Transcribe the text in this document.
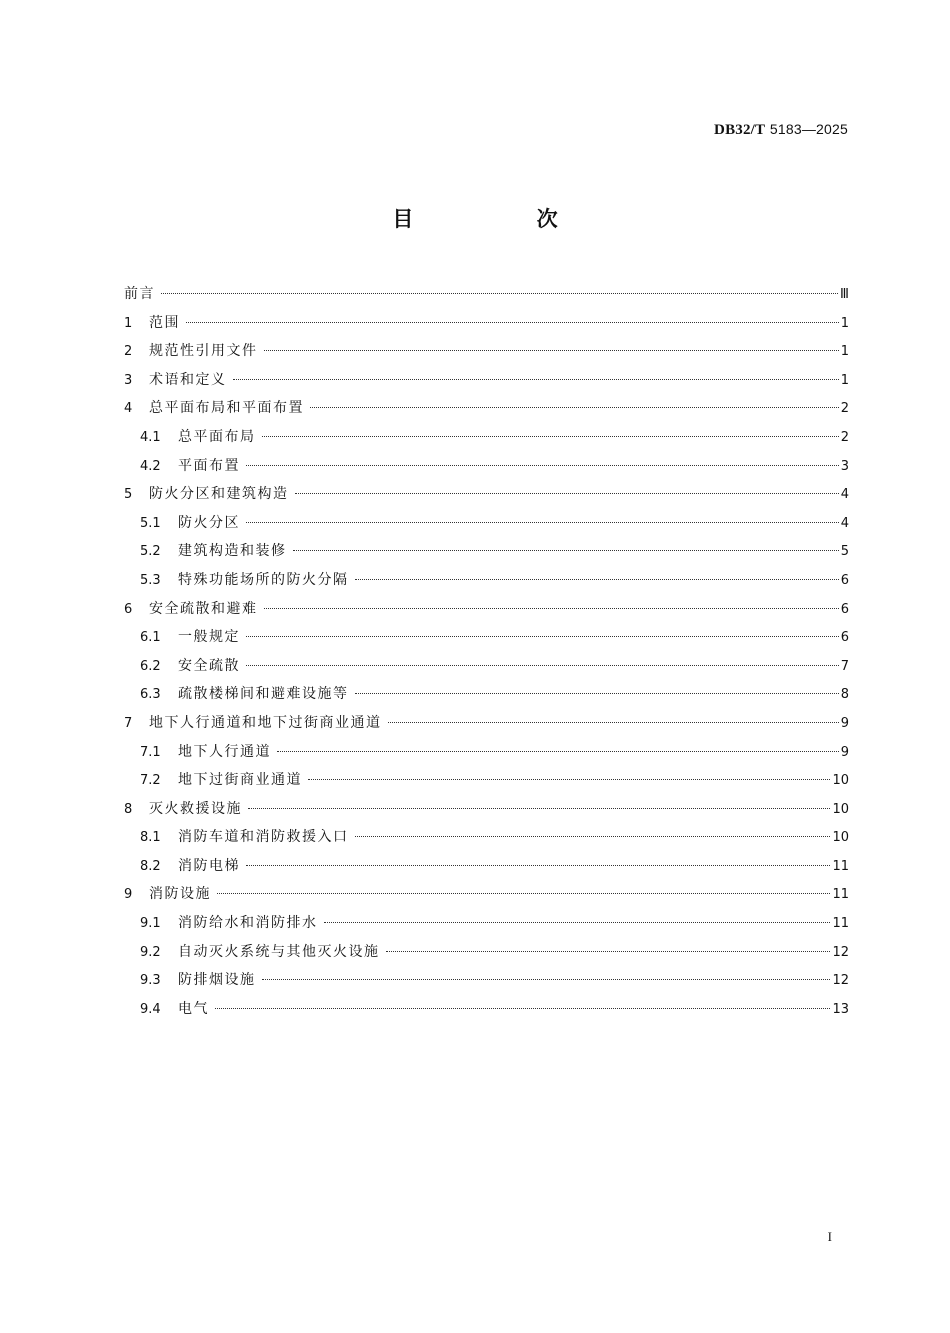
DB32/T 5183—2025
目 次
前言	Ⅲ
1	范围	1
2	规范性引用文件	1
3	术语和定义	1
4	总平面布局和平面布置	2
4.1	总平面布局	2
4.2	平面布置	3
5	防火分区和建筑构造	4
5.1	防火分区	4
5.2	建筑构造和装修	5
5.3	特殊功能场所的防火分隔	6
6	安全疏散和避难	6
6.1	一般规定	6
6.2	安全疏散	7
6.3	疏散楼梯间和避难设施等	8
7	地下人行通道和地下过街商业通道	9
7.1	地下人行通道	9
7.2	地下过街商业通道	10
8	灭火救援设施	10
8.1	消防车道和消防救援入口	10
8.2	消防电梯	11
9	消防设施	11
9.1	消防给水和消防排水	11
9.2	自动灭火系统与其他灭火设施	12
9.3	防排烟设施	12
9.4	电气	13
I
